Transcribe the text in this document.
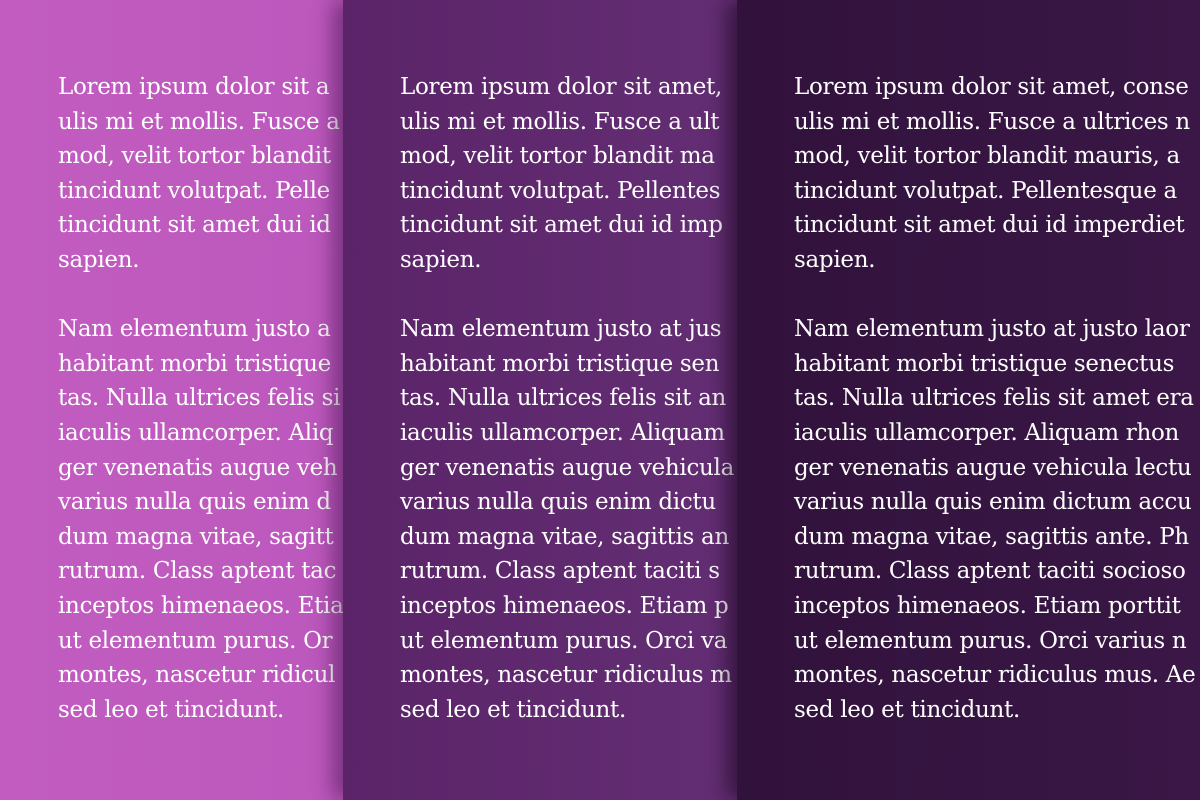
Lorem ipsum dolor sit a
ulis mi et mollis. Fusce a
mod, velit tortor blandit
tincidunt volutpat. Pelle
tincidunt sit amet dui id
sapien.

Nam elementum justo a
habitant morbi tristique
tas. Nulla ultrices felis si
iaculis ullamcorper. Aliq
ger venenatis augue veh
varius nulla quis enim d
dum magna vitae, sagitt
rutrum. Class aptent tac
inceptos himenaeos. Etia
ut elementum purus. Or
montes, nascetur ridicul
sed leo et tincidunt.

Lorem ipsum dolor sit amet,
ulis mi et mollis. Fusce a ult
mod, velit tortor blandit ma
tincidunt volutpat. Pellentes
tincidunt sit amet dui id imp
sapien.

Nam elementum justo at jus
habitant morbi tristique sen
tas. Nulla ultrices felis sit an
iaculis ullamcorper. Aliquam
ger venenatis augue vehicula
varius nulla quis enim dictu
dum magna vitae, sagittis an
rutrum. Class aptent taciti s
inceptos himenaeos. Etiam p
ut elementum purus. Orci va
montes, nascetur ridiculus m
sed leo et tincidunt.

Lorem ipsum dolor sit amet, conse
ulis mi et mollis. Fusce a ultrices n
mod, velit tortor blandit mauris, a
tincidunt volutpat. Pellentesque a
tincidunt sit amet dui id imperdiet
sapien.

Nam elementum justo at justo laor
habitant morbi tristique senectus
tas. Nulla ultrices felis sit amet era
iaculis ullamcorper. Aliquam rhon
ger venenatis augue vehicula lectu
varius nulla quis enim dictum accu
dum magna vitae, sagittis ante. Ph
rutrum. Class aptent taciti socioso
inceptos himenaeos. Etiam porttit
ut elementum purus. Orci varius n
montes, nascetur ridiculus mus. Ae
sed leo et tincidunt.
